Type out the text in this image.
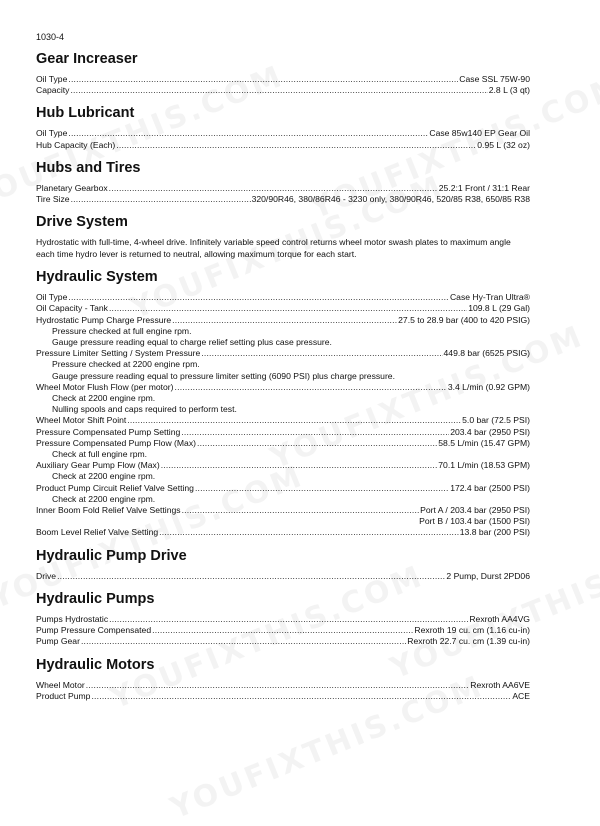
1030-4
Gear Increaser
Oil Type .....	Case SSL 75W-90
Capacity .....	2.8 L (3 qt)
Hub Lubricant
Oil Type .....	Case 85w140 EP Gear Oil
Hub Capacity (Each) .....	0.95 L (32 oz)
Hubs and Tires
Planetary Gearbox .....	25.2:1 Front / 31:1 Rear
Tire Size .....	320/90R46, 380/86R46 - 3230 only, 380/90R46, 520/85 R38, 650/85 R38
Drive System
Hydrostatic with full-time, 4-wheel drive. Infinitely variable speed control returns wheel motor swash plates to maximum angle each time hydro lever is returned to neutral, allowing maximum torque for each start.
Hydraulic System
Oil Type .....	Case Hy-Tran Ultra®
Oil Capacity - Tank .....	109.8 L (29 Gal)
Hydrostatic Pump Charge Pressure .....	27.5 to 28.9 bar (400 to 420 PSIG)
Pressure checked at full engine rpm.
Gauge pressure reading equal to charge relief setting plus case pressure.
Pressure Limiter Setting / System Pressure .....	449.8 bar (6525 PSIG)
Pressure checked at 2200 engine rpm.
Gauge pressure reading equal to pressure limiter setting (6090 PSI) plus charge pressure.
Wheel Motor Flush Flow (per motor) .....	3.4 L/min (0.92 GPM)
Check at 2200 engine rpm.
Nulling spools and caps required to perform test.
Wheel Motor Shift Point .....	5.0 bar (72.5 PSI)
Pressure Compensated Pump Setting .....	203.4 bar (2950 PSI)
Pressure Compensated Pump Flow (Max) .....	58.5 L/min (15.47 GPM)
Check at full engine rpm.
Auxiliary Gear Pump Flow (Max) .....	70.1 L/min (18.53 GPM)
Check at 2200 engine rpm.
Product Pump Circuit Relief Valve Setting .....	172.4 bar (2500 PSI)
Check at 2200 engine rpm.
Inner Boom Fold Relief Valve Settings .....	Port A / 203.4 bar (2950 PSI)
Port B / 103.4 bar (1500 PSI)
Boom Level Relief Valve Setting .....	13.8 bar (200 PSI)
Hydraulic Pump Drive
Drive .....	2 Pump, Durst 2PD06
Hydraulic Pumps
Pumps Hydrostatic .....	Rexroth AA4VG
Pump Pressure Compensated .....	Rexroth 19 cu. cm (1.16 cu-in)
Pump Gear .....	Rexroth 22.7 cu. cm (1.39 cu-in)
Hydraulic Motors
Wheel Motor .....	Rexroth AA6VE
Product Pump .....	ACE
